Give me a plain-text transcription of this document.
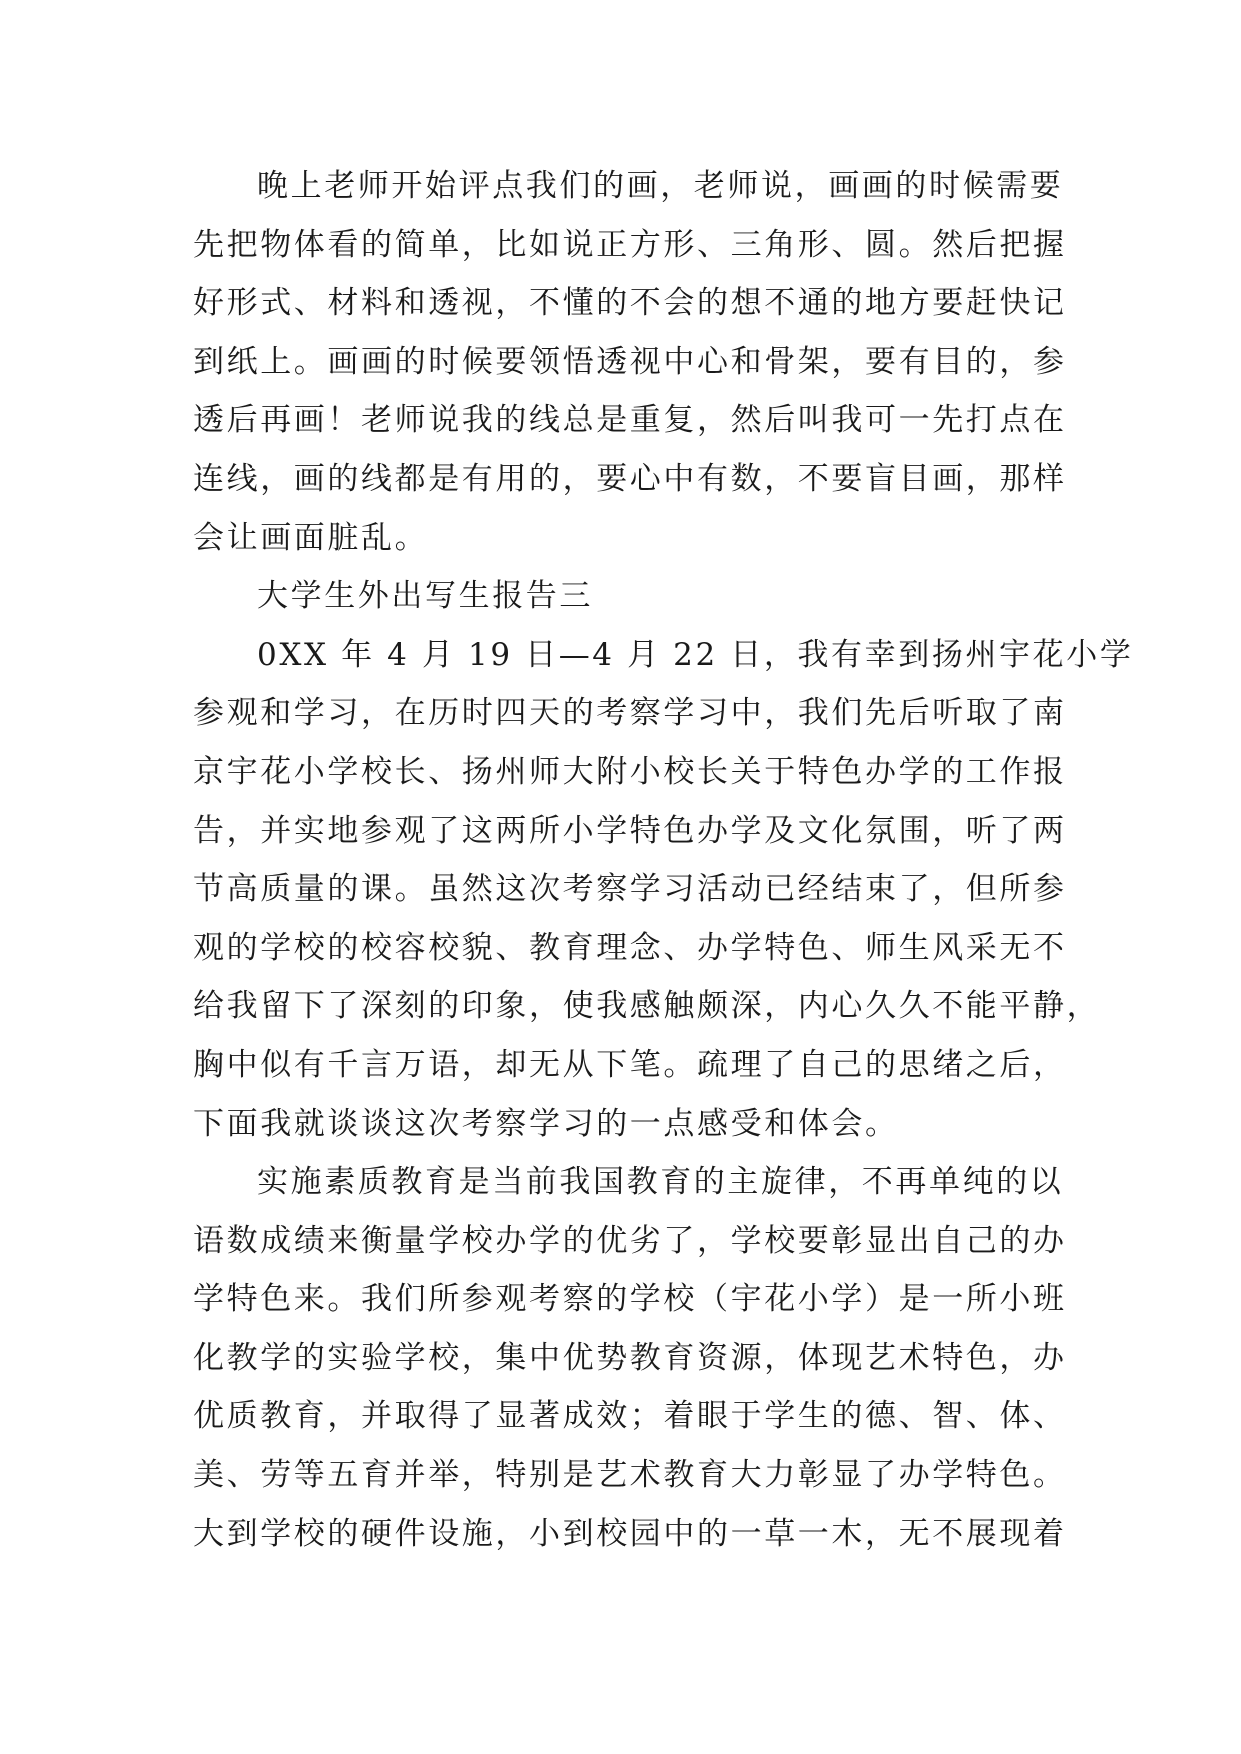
晚上老师开始评点我们的画，老师说，画画的时候需要
先把物体看的简单，比如说正方形、三角形、圆。然后把握
好形式、材料和透视，不懂的不会的想不通的地方要赶快记
到纸上。画画的时候要领悟透视中心和骨架，要有目的，参
透后再画！老师说我的线总是重复，然后叫我可一先打点在
连线，画的线都是有用的，要心中有数，不要盲目画，那样
会让画面脏乱。
大学生外出写生报告三
0XX 年 4 月 19 日—4 月 22 日，我有幸到扬州宇花小学
参观和学习，在历时四天的考察学习中，我们先后听取了南
京宇花小学校长、扬州师大附小校长关于特色办学的工作报
告，并实地参观了这两所小学特色办学及文化氛围，听了两
节高质量的课。虽然这次考察学习活动已经结束了，但所参
观的学校的校容校貌、教育理念、办学特色、师生风采无不
给我留下了深刻的印象，使我感触颇深，内心久久不能平静，
胸中似有千言万语，却无从下笔。疏理了自己的思绪之后，
下面我就谈谈这次考察学习的一点感受和体会。
实施素质教育是当前我国教育的主旋律，不再单纯的以
语数成绩来衡量学校办学的优劣了，学校要彰显出自己的办
学特色来。我们所参观考察的学校（宇花小学）是一所小班
化教学的实验学校，集中优势教育资源，体现艺术特色，办
优质教育，并取得了显著成效；着眼于学生的德、智、体、
美、劳等五育并举，特别是艺术教育大力彰显了办学特色。
大到学校的硬件设施，小到校园中的一草一木，无不展现着
